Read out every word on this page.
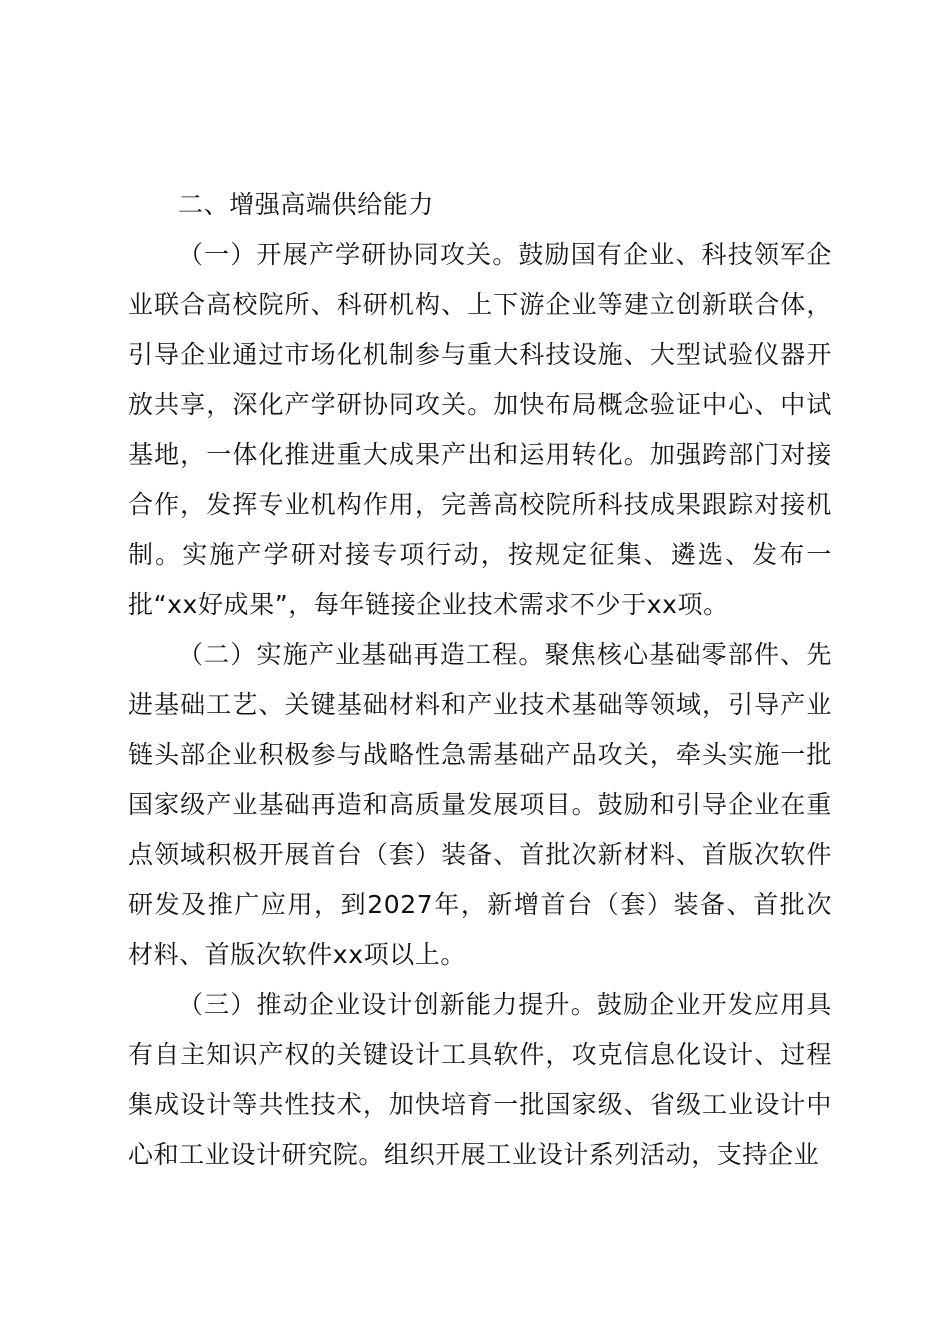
二、增强高端供给能力

（一）开展产学研协同攻关。鼓励国有企业、科技领军企业联合高校院所、科研机构、上下游企业等建立创新联合体，引导企业通过市场化机制参与重大科技设施、大型试验仪器开放共享，深化产学研协同攻关。加快布局概念验证中心、中试基地，一体化推进重大成果产出和运用转化。加强跨部门对接合作，发挥专业机构作用，完善高校院所科技成果跟踪对接机制。实施产学研对接专项行动，按规定征集、遴选、发布一批“xx好成果”，每年链接企业技术需求不少于xx项。

（二）实施产业基础再造工程。聚焦核心基础零部件、先进基础工艺、关键基础材料和产业技术基础等领域，引导产业链头部企业积极参与战略性急需基础产品攻关，牵头实施一批国家级产业基础再造和高质量发展项目。鼓励和引导企业在重点领域积极开展首台（套）装备、首批次新材料、首版次软件研发及推广应用，到2027年，新增首台（套）装备、首批次材料、首版次软件xx项以上。

（三）推动企业设计创新能力提升。鼓励企业开发应用具有自主知识产权的关键设计工具软件，攻克信息化设计、过程集成设计等共性技术，加快培育一批国家级、省级工业设计中心和工业设计研究院。组织开展工业设计系列活动，支持企业
